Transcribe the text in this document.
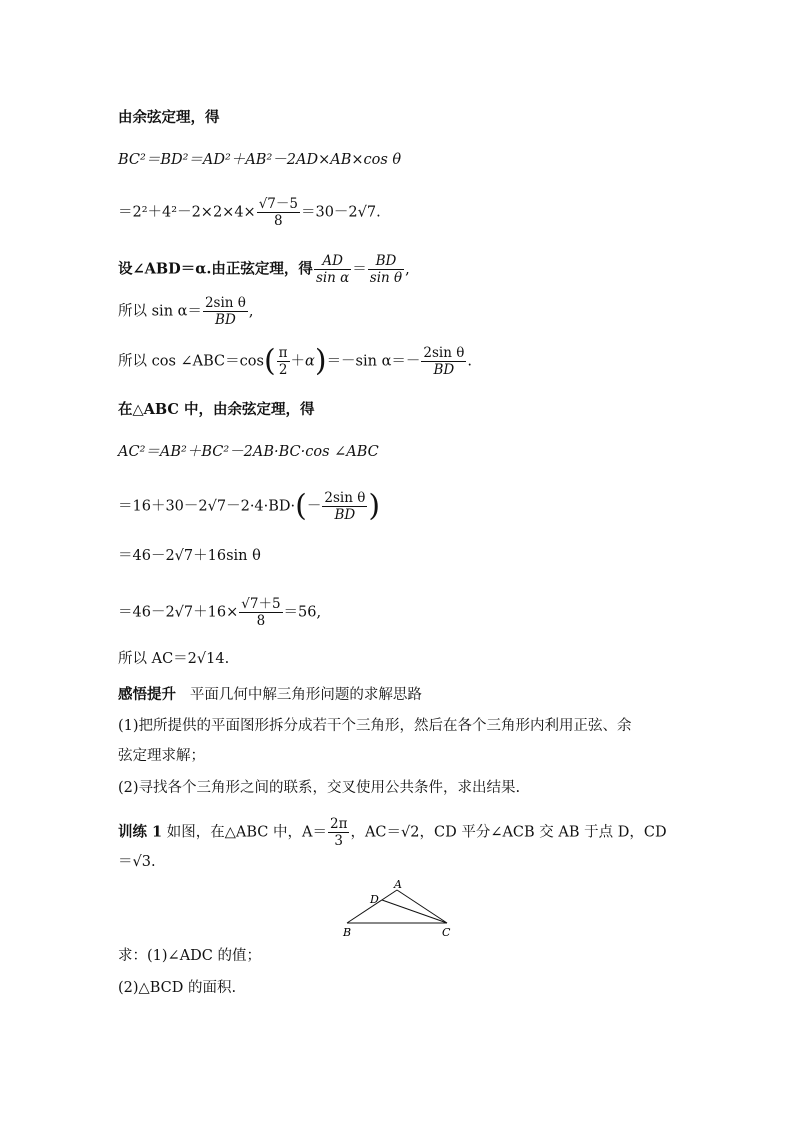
由余弦定理，得
BC²＝BD²＝AD²＋AB²－2AD×AB×cos θ
$=2^2+4^2-2\times 2\times 4\times \frac{√7-5}{8} =30-2√7$.
设∠ABD＝α.由正弦定理，得 $\frac{AD}{\text{sin α}} = \frac{BD}{\text{sin θ}}$ ,
所以 $\sin \alpha= \frac{\text{2sin θ}}{BD}$ ,
所以 cos ∠ABC＝cos( $\frac{\pi}{2} +\alpha)=-\sin$ $\alpha=- \frac{\text{2sin θ}}{BD}$ .
在△ABC 中，由余弦定理，得
AC²＝AB²＋BC²－2AB·BC·cos ∠ABC
$=16+30-2√7-2\cdot 4\cdot BD\cdot(- \frac{\text{2sin θ}}{BD}$ )
＝46－2√7＋16sin θ
$=46-2√7+16\times \frac{√7+5}{8} =56$,
所以 AC＝2√14.
感悟提升 平面几何中解三角形问题的求解思路
(1)把所提供的平面图形拆分成若干个三角形，然后在各个三角形内利用正弦、余
弦定理求解；
(2)寻找各个三角形之间的联系，交叉使用公共条件，求出结果.
训练 1 如图，在△ABC 中，$A= \frac{2\pi}{3}$ ，AC＝√2，CD 平分∠ACB 交 AB 于点 D，CD
＝√3.
A
D
B	C
求：(1)∠ADC 的值；
(2)△BCD 的面积.
